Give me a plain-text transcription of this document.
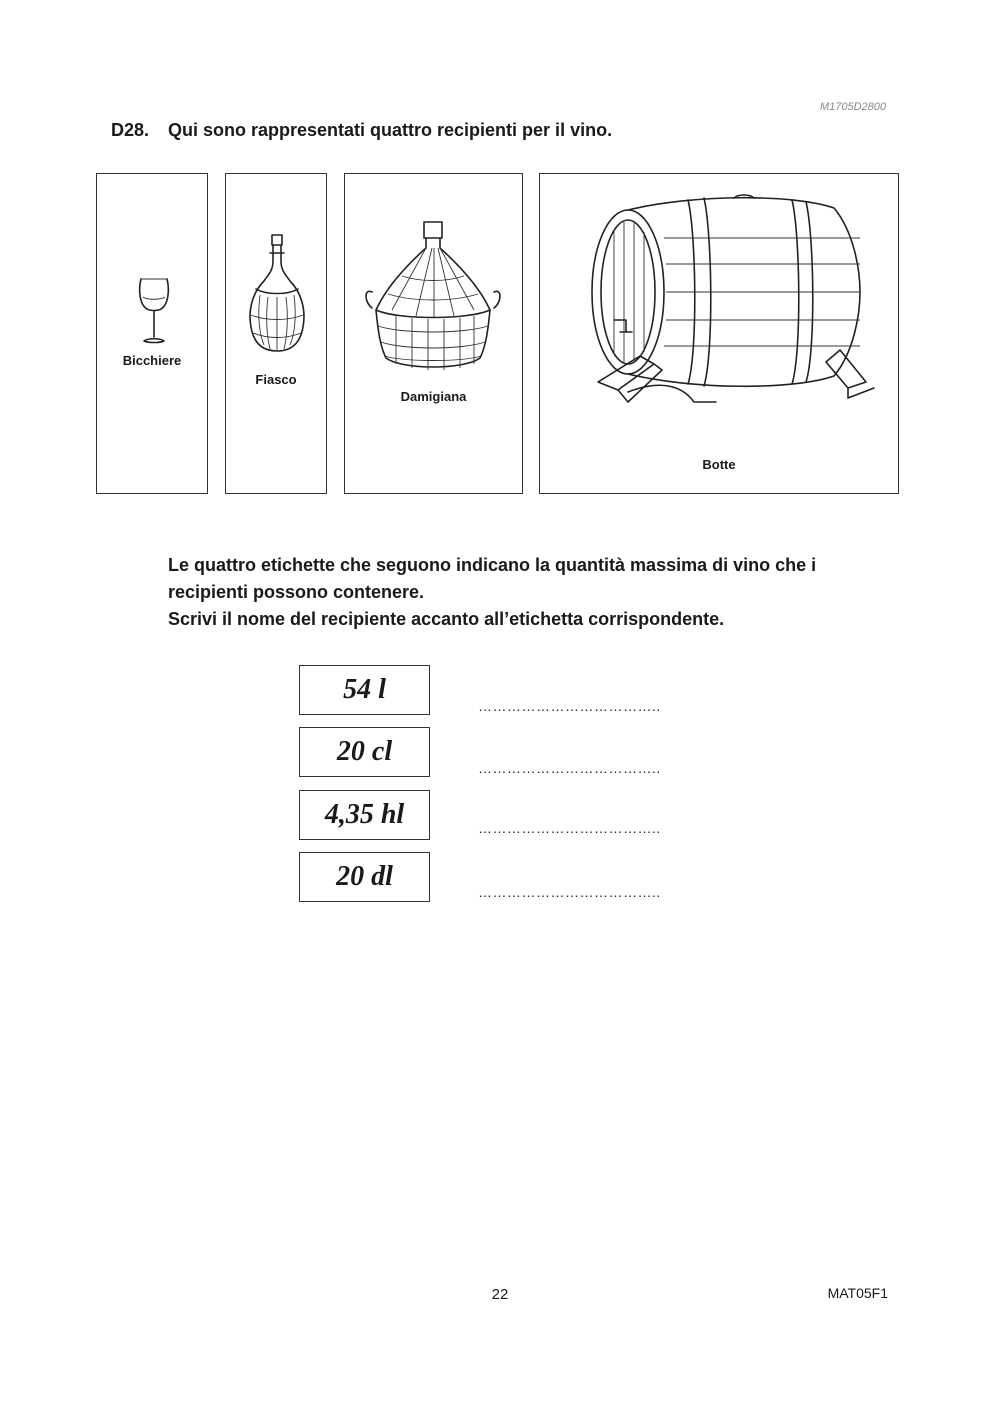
M1705D2800
D28. Qui sono rappresentati quattro recipienti per il vino.
Bicchiere
Fiasco
Damigiana
Botte
Le quattro etichette che seguono indicano la quantità massima di vino che i
recipienti possono contenere.
Scrivi il nome del recipiente accanto all’etichetta corrispondente.
54 l
………………………………..
20 cl
………………………………..
4,35 hl	………………………………..
20 dl	………………………………..
22	MAT05F1
